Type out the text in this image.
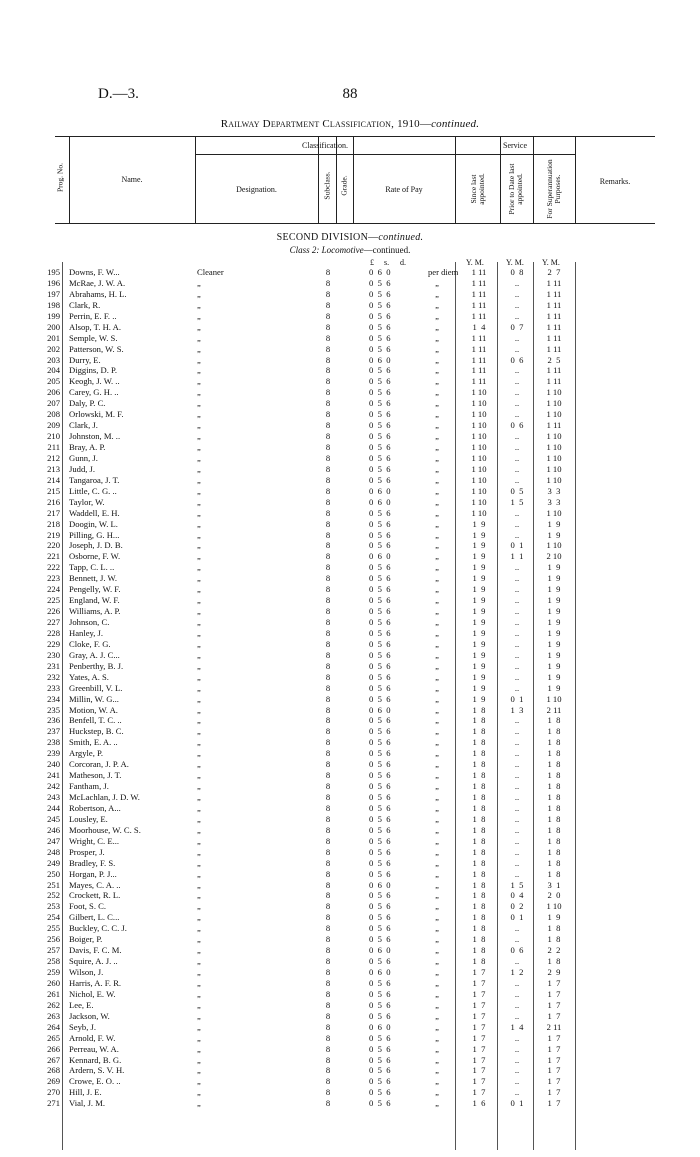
D.—3.	88
Railway Department Classification, 1910—continued.
Prog. No.	Name.
Classification.
Designation.	Subclass. Grade.	Rate of Pay
Service
Since last appointed.	Prior to Date last appointed.	For Superannuation Purposes.	Remarks.
SECOND DIVISION—continued.
Class 2: Locomotive—continued.
£ s. d.	Y. M.	Y. M. Y. M.
195 Downs, F. W...	Cleaner	8	0  6  0	per diem	1 11	0  8	2  7
196 McRae, J. W. A.	„	8	0  5  6	„	1 11	..	1 11
197 Abrahams, H. L.	„	8	0  5  6	„	1 11	..	1 11
198 Clark, R.	„	8	0  5  6	„	1 11	..	1 11
199 Perrin, E. F. ..	„	8	0  5  6	„	1 11	..	1 11
200 Alsop, T. H. A.	„	8	0  5  6	„	1  4	0  7	1 11
201 Semple, W. S.	„	8	0  5  6	„	1 11	..	1 11
202 Patterson, W. S.	„	8	0  5  6	„	1 11	..	1 11
203 Durry, E.	„	8	0  6  0	„	1 11	0  6	2  5
204 Diggins, D. P.	„	8	0  5  6	„	1 11	..	1 11
205 Keogh, J. W. ..	„	8	0  5  6	„	1 11	..	1 11
206 Carey, G. H. ..	„	8	0  5  6	„	1 10	..	1 10
207 Daly, P. C.	„	8	0  5  6	„	1 10	..	1 10
208 Orlowski, M. F.	„	8	0  5  6	„	1 10	..	1 10
209 Clark, J.	„	8	0  5  6	„	1 10	0  6	1 11
210 Johnston, M. ..	„	8	0  5  6	„	1 10	..	1 10
211 Bray, A. P.	„	8	0  5  6	„	1 10	..	1 10
212 Gunn, J.	„	8	0  5  6	„	1 10	..	1 10
213 Judd, J.	„	8	0  5  6	„	1 10	..	1 10
214 Tangaroa, J. T.	„	8	0  5  6	„	1 10	..	1 10
215 Little, C. G. ..	„	8	0  6  0	„	1 10	0  5	3  3
216 Taylor, W.	„	8	0  6  0	„	1 10	1  5	3  3
217 Waddell, E. H.	„	8	0  5  6	„	1 10	..	1 10
218 Doogin, W. L.	„	8	0  5  6	„	1  9	..	1  9
219 Pilling, G. H...	„	8	0  5  6	„	1  9	..	1  9
220 Joseph, J. D. B.	„	8	0  5  6	„	1  9	0  1	1 10
221 Osborne, F. W.	„	8	0  6  0	„	1  9	1  1	2 10
222 Tapp, C. L. ..	„	8	0  5  6	„	1  9	..	1  9
223 Bennett, J. W.	„	8	0  5  6	„	1  9	..	1  9
224 Pengelly, W. F.	„	8	0  5  6	„	1  9	..	1  9
225 England, W. F.	„	8	0  5  6	„	1  9	..	1  9
226 Williams, A. P.	„	8	0  5  6	„	1  9	..	1  9
227 Johnson, C.	„	8	0  5  6	„	1  9	..	1  9
228 Hanley, J.	„	8	0  5  6	„	1  9	..	1  9
229 Cloke, F. G.	„	8	0  5  6	„	1  9	..	1  9
230 Gray, A. J. C...	„	8	0  5  6	„	1  9	..	1  9
231 Penberthy, B. J.	„	8	0  5  6	„	1  9	..	1  9
232 Yates, A. S.	„	8	0  5  6	„	1  9	..	1  9
233 Greenbill, V. L.	„	8	0  5  6	„	1  9	..	1  9
234 Millin, W. G...	„	8	0  5  6	„	1  9	0  1	1 10
235 Motion, W. A.	„	8	0  6  0	„	1  8	1  3	2 11
236 Benfell, T. C. ..	„	8	0  5  6	„	1  8	..	1  8
237 Huckstep, B. C.	„	8	0  5  6	„	1  8	..	1  8
238 Smith, E. A. ..	„	8	0  5  6	„	1  8	..	1  8
239 Argyle, P.	„	8	0  5  6	„	1  8	..	1  8
240 Corcoran, J. P. A.	„	8	0  5  6	„	1  8	..	1  8
241 Matheson, J. T.	„	8	0  5  6	„	1  8	..	1  8
242 Fantham, J.	„	8	0  5  6	„	1  8	..	1  8
243 McLachlan, J. D. W.	„	8	0  5  6	„	1  8	..	1  8
244 Robertson, A...	„	8	0  5  6	„	1  8	..	1  8
245 Lousley, E.	„	8	0  5  6	„	1  8	..	1  8
246 Moorhouse, W. C. S.	„	8	0  5  6	„	1  8	..	1  8
247 Wright, C. E...	„	8	0  5  6	„	1  8	..	1  8
248 Prosper, J.	„	8	0  5  6	„	1  8	..	1  8
249 Bradley, F. S.	„	8	0  5  6	„	1  8	..	1  8
250 Horgan, P. J...	„	8	0  5  6	„	1  8	..	1  8
251 Mayes, C. A. ..	„	8	0  6  0	„	1  8	1  5	3  1
252 Crockett, R. L.	„	8	0  5  6	„	1  8	0  4	2  0
253 Foot, S. C.	„	8	0  5  6	„	1  8	0  2	1 10
254 Gilbert, L. C...	„	8	0  5  6	„	1  8	0  1	1  9
255 Buckley, C. C. J.	„	8	0  5  6	„	1  8	..	1  8
256 Boiger, P.	„	8	0  5  6	„	1  8	..	1  8
257 Davis, F. C. M.	„	8	0  6  0	„	1  8	0  6	2  2
258 Squire, A. J. ..	„	8	0  5  6	„	1  8	..	1  8
259 Wilson, J.	„	8	0  6  0	„	1  7	1  2	2  9
260 Harris, A. F. R.	„	8	0  5  6	„	1  7	..	1  7
261 Nichol, E. W.	„	8	0  5  6	„	1  7	..	1  7
262 Lee, E.	„	8	0  5  6	„	1  7	..	1  7
263 Jackson, W.	„	8	0  5  6	„	1  7	..	1  7
264 Seyb, J.	„	8	0  6  0	„	1  7	1  4	2 11
265 Arnold, F. W.	„	8	0  5  6	„	1  7	..	1  7
266 Perreau, W. A.	„	8	0  5  6	„	1  7	..	1  7
267 Kennard, B. G.	„	8	0  5  6	„	1  7	..	1  7
268 Ardern, S. V. H.	„	8	0  5  6	„	1  7	..	1  7
269 Crowe, E. O. ..	„	8	0  5  6	„	1  7	..	1  7
270 Hill, J. E.	„	8	0  5  6	„	1  7	..	1  7
271 Vial, J. M.	„	8	0  5  6	„	1  6	0  1	1  7
